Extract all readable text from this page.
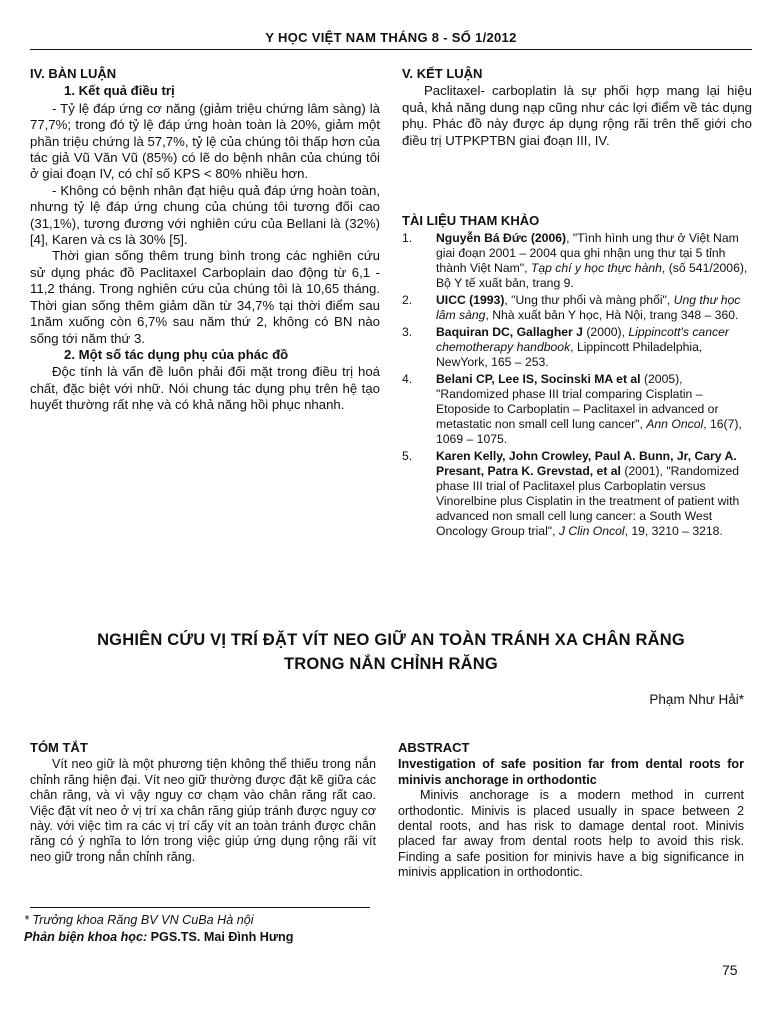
Y HỌC VIỆT NAM THÁNG 8 - SỐ 1/2012
IV. BÀN LUẬN
1. Kết quả điều trị

- Tỷ lệ đáp ứng cơ năng (giảm triệu chứng lâm sàng) là 77,7%; trong đó tỷ lệ đáp ứng hoàn toàn là 20%, giảm một phần triệu chứng là 57,7%, tỷ lệ của chúng tôi thấp hơn của tác giả Vũ Văn Vũ (85%) có lẽ do bệnh nhân của chúng tôi ở giai đoạn IV, có chỉ số KPS < 80% nhiều hơn.

- Không có bệnh nhân đạt hiệu quả đáp ứng hoàn toàn, nhưng tỷ lệ đáp ứng chung của chúng tôi tương đối cao (31,1%), tương đương với nghiên cứu của Bellani là (32%) [4], Karen và cs là 30% [5].

Thời gian sống thêm trung bình trong các nghiên cứu sử dụng phác đồ Paclitaxel Carboplain dao động từ 6,1 - 11,2 tháng. Trong nghiên cứu của chúng tôi là 10,65 tháng. Thời gian sống thêm giảm dần từ 34,7% tại thời điểm sau 1năm xuống còn 6,7% sau năm thứ 2, không có BN nào sống tới năm thứ 3.

2. Một số tác dụng phụ của phác đồ

Độc tính là vấn đề luôn phải đối mặt trong điều trị hoá chất, đặc biệt với nhữ. Nói chung tác dụng phụ trên hệ tạo huyết thường rất nhẹ và có khả năng hồi phục nhanh.

V. KẾT LUẬN

Paclitaxel- carboplatin là sự phối hợp mang lại hiệu quả, khả năng dung nạp cũng như các lợi điểm về tác dụng phụ. Phác đồ này được áp dụng rộng rãi trên thế giới cho điều trị UTPKPTBN giai đoạn III, IV.

TÀI LIỆU THAM KHẢO
1.	Nguyễn Bá Đức (2006), "Tình hình ung thư ở Việt Nam giai đoạn 2001 – 2004 qua ghi nhận ung thư tại 5 tỉnh thành Việt Nam", Tạp chí y học thực hành, (số 541/2006), Bộ Y tế xuất bản, trang 9.
2.	UICC (1993), "Ung thư phổi và màng phổi", Ung thư học lâm sàng, Nhà xuất bản Y học, Hà Nội, trang 348 – 360.
3.	Baquiran DC, Gallagher J (2000), Lippincott's cancer chemotherapy handbook, Lippincott Philadelphia, NewYork, 165 – 253.
4.	Belani CP, Lee IS, Socinski MA et al (2005), "Randomized phase III trial comparing Cisplatin – Etoposide to Carboplatin – Paclitaxel in advanced or metastatic non small cell lung cancer", Ann Oncol, 16(7), 1069 – 1075.
5.	Karen Kelly, John Crowley, Paul A. Bunn, Jr, Cary A. Presant, Patra K. Grevstad, et al (2001), "Randomized phase III trial of Paclitaxel plus Carboplatin versus Vinorelbine plus Cisplatin in the treatment of patient with advanced non small cell lung cancer: a South West Oncology Group trial", J Clin Oncol, 19, 3210 – 3218.
NGHIÊN CỨU VỊ TRÍ ĐẶT VÍT NEO GIỮ AN TOÀN TRÁNH XA CHÂN RĂNG
TRONG NẮN CHỈNH RĂNG
Phạm Như Hải*
TÓM TẮT

Vít neo giữ là một phương tiện không thể thiếu trong nắn chỉnh răng hiện đại. Vít neo giữ thường được đặt kẽ giữa các chân răng, và vì vậy nguy cơ chạm vào chân răng rất cao. Việc đặt vít neo ở vị trí xa chân răng giúp tránh được nguy cơ này. với việc tìm ra các vị trí cấy vít an toàn tránh được chân răng có ý nghĩa to lớn trong việc giúp ứng dụng rộng rãi vít neo giữ trong nắn chỉnh răng.

ABSTRACT

Investigation of safe position far from dental roots for minivis anchorage in orthodontic

Minivis anchorage is a modern method in current orthodontic. Minivis is placed usually in space between 2 dental roots, and has risk to damage dental root. Minivis placed far away from dental roots help to avoid this risk. Finding a safe position for minivis have a big significance in minivis application in orthodontic.

* Trưởng khoa Răng BV VN CuBa Hà nội
Phản biện khoa học: PGS.TS. Mai Đình Hưng
75
